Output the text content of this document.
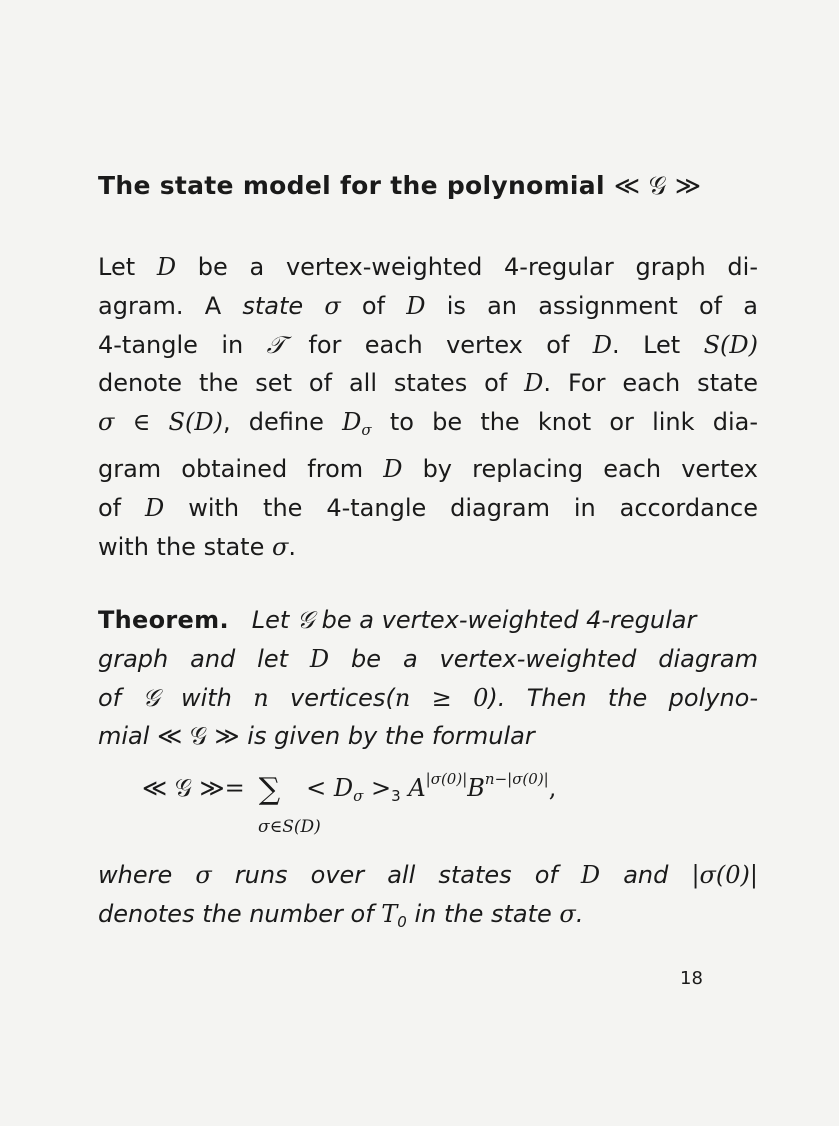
The state model for the polynomial ≪ 𝒢 ≫
Let D be a vertex-weighted 4-regular graph di-
agram. A state σ of D is an assignment of a
4-tangle in 𝒯 for each vertex of D. Let S(D)
denote the set of all states of D. For each state
σ ∈ S(D), define $D_\sigma$ to be the knot or link dia-
gram obtained from D by replacing each vertex
of D with the 4-tangle diagram in accordance
with the state σ.
Theorem.   Let 𝒢 be a vertex-weighted 4-regular
graph and let D be a vertex-weighted diagram
of 𝒢 with n vertices(n ≥ 0). Then the polyno-
mial ≪ 𝒢 ≫ is given by the formular
≪ 𝒢 ≫= ∑ < $D_\sigma >_3$ $A^{|\sigma(0)|}B^{n-|\sigma(0)|}$,
σ∈S(D)
where σ runs over all states of D and |σ(0)|
denotes the number of $T_0$ in the state σ.
18
